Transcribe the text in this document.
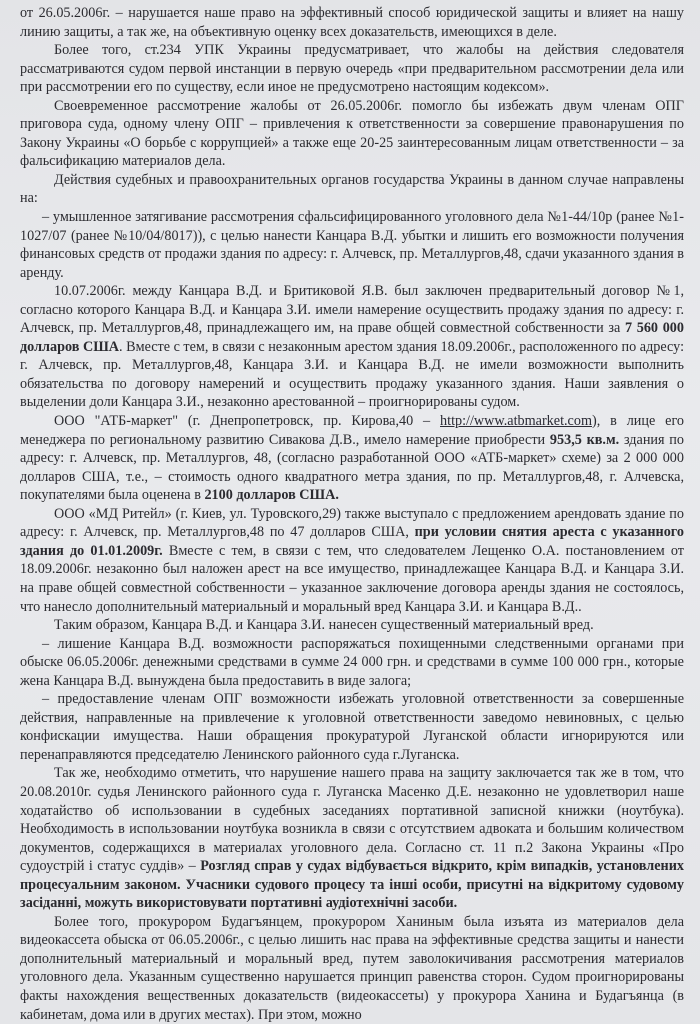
от 26.05.2006г. – нарушается наше право на эффективный способ юридической защиты и влияет на нашу линию защиты, а так же, на объективную оценку всех доказательств, имеющихся в деле.

Более того, ст.234 УПК Украины предусматривает, что жалобы на действия следователя рассматриваются судом первой инстанции в первую очередь «при предварительном рассмотрении дела или при рассмотрении его по существу, если иное не предусмотрено настоящим кодексом».

Своевременное рассмотрение жалобы от 26.05.2006г. помогло бы избежать двум членам ОПГ приговора суда, одному члену ОПГ – привлечения к ответственности за совершение правонарушения по Закону Украины «О борьбе с коррупцией» а также еще 20-25 заинтересованным лицам ответственности – за фальсификацию материалов дела.

Действия судебных и правоохранительных органов государства Украины в данном случае направлены на:

– умышленное затягивание рассмотрения сфальсифицированного уголовного дела №1-44/10р (ранее №1-1027/07 (ранее №10/04/8017)), с целью нанести Канцара В.Д. убытки и лишить его возможности получения финансовых средств от продажи здания по адресу: г. Алчевск, пр. Металлургов,48, сдачи указанного здания в аренду.

10.07.2006г. между Канцара В.Д. и Бритиковой Я.В. был заключен предварительный договор №1, согласно которого Канцара В.Д. и Канцара З.И. имели намерение осуществить продажу здания по адресу: г. Алчевск, пр. Металлургов,48, принадлежащего им, на праве общей совместной собственности за 7 560 000 долларов США. Вместе с тем, в связи с незаконным арестом здания 18.09.2006г., расположенного по адресу: г. Алчевск, пр. Металлургов,48, Канцара З.И. и Канцара В.Д. не имели возможности выполнить обязательства по договору намерений и осуществить продажу указанного здания. Наши заявления о выделении доли Канцара З.И., незаконно арестованной – проигнорированы судом.

ООО "АТБ-маркет" (г. Днепропетровск, пр. Кирова,40 – http://www.atbmarket.com), в лице его менеджера по региональному развитию Сивакова Д.В., имело намерение приобрести 953,5 кв.м. здания по адресу: г. Алчевск, пр. Металлургов, 48, (согласно разработанной ООО «АТБ-маркет» схеме) за 2 000 000 долларов США, т.е., – стоимость одного квадратного метра здания, по пр. Металлургов,48, г. Алчевска, покупателями была оценена в 2100 долларов США.

ООО «МД Ритейл» (г. Киев, ул. Туровского,29) также выступало с предложением арендовать здание по адресу: г. Алчевск, пр. Металлургов,48 по 47 долларов США, при условии снятия ареста с указанного здания до 01.01.2009г. Вместе с тем, в связи с тем, что следователем Лещенко О.А. постановлением от 18.09.2006г. незаконно был наложен арест на все имущество, принадлежащее Канцара В.Д. и Канцара З.И. на праве общей совместной собственности – указанное заключение договора аренды здания не состоялось, что нанесло дополнительный материальный и моральный вред Канцара З.И. и Канцара В.Д..

Таким образом, Канцара В.Д. и Канцара З.И. нанесен существенный материальный вред.

– лишение Канцара В.Д. возможности распоряжаться похищенными следственными органами при обыске 06.05.2006г. денежными средствами в сумме 24 000 грн. и средствами в сумме 100 000 грн., которые жена Канцара В.Д. вынуждена была предоставить в виде залога;

– предоставление членам ОПГ возможности избежать уголовной ответственности за совершенные действия, направленные на привлечение к уголовной ответственности заведомо невиновных, с целью конфискации имущества. Наши обращения прокуратурой Луганской области игнорируются или перенаправляются председателю Ленинского районного суда г.Луганска.

Так же, необходимо отметить, что нарушение нашего права на защиту заключается так же в том, что 20.08.2010г. судья Ленинского районного суда г. Луганска Масенко Д.Е. незаконно не удовлетворил наше ходатайство об использовании в судебных заседаниях портативной записной книжки (ноутбука). Необходимость в использовании ноутбука возникла в связи с отсутствием адвоката и большим количеством документов, содержащихся в материалах уголовного дела. Согласно ст. 11 п.2 Закона Украины «Про судоустрій і статус суддів» – Розгляд справ у судах відбувається відкрито, крім випадків, установлених процесуальним законом. Учасники судового процесу та інші особи, присутні на відкритому судовому засіданні, можуть використовувати портативні аудіотехнічні засоби.

Более того, прокурором Будагъянцем, прокурором Ханиным была изъята из материалов дела видеокассета обыска от 06.05.2006г., с целью лишить нас права на эффективные средства защиты и нанести дополнительный материальный и моральный вред, путем заволокичивания рассмотрения материалов уголовного дела. Указанным существенно нарушается принцип равенства сторон. Судом проигнорированы факты нахождения вещественных доказательств (видеокассеты) у прокурора Ханина и Будагъянца (в кабинетам, дома или в других местах). При этом, можно
